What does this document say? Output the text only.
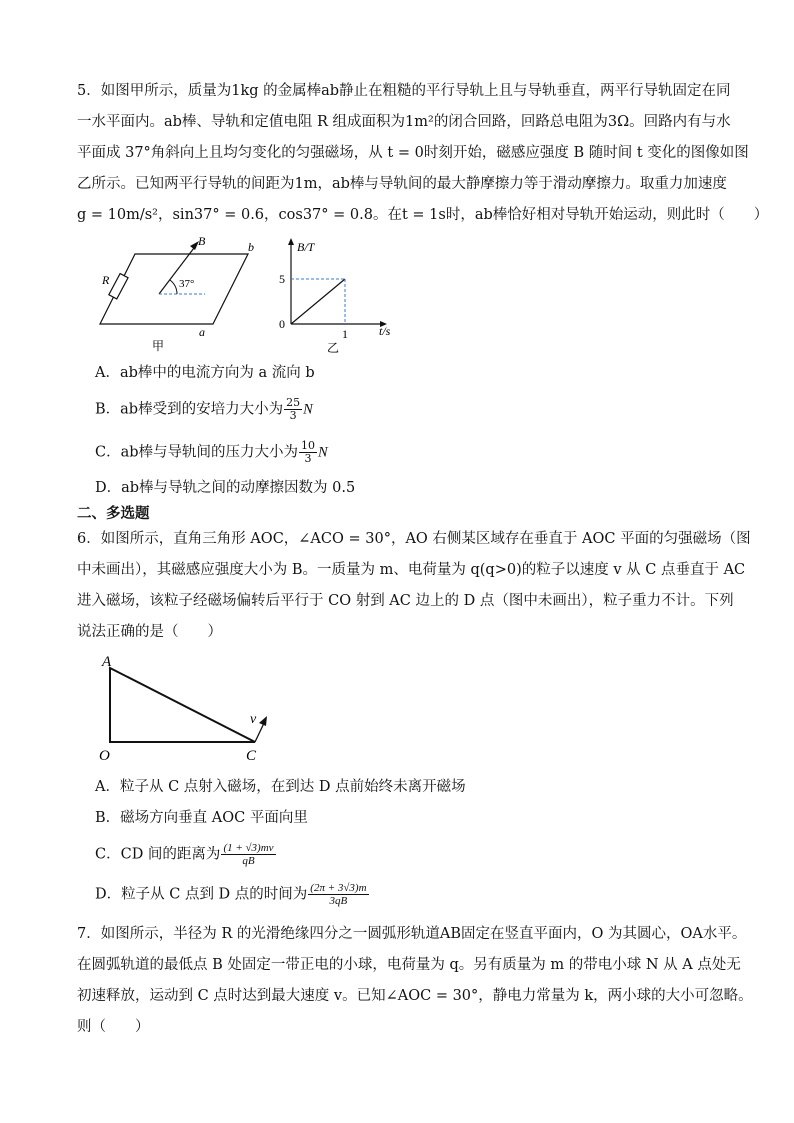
5．如图甲所示，质量为1kg 的金属棒ab静止在粗糙的平行导轨上且与导轨垂直，两平行导轨固定在同
一水平面内。ab棒、导轨和定值电阻 R 组成面积为1m²的闭合回路，回路总电阻为3Ω。回路内有与水
平面成 37°角斜向上且均匀变化的匀强磁场，从 t = 0时刻开始，磁感应强度 B 随时间 t 变化的图像如图
乙所示。已知两平行导轨的间距为1m，ab棒与导轨间的最大静摩擦力等于滑动摩擦力。取重力加速度
g = 10m/s²，sin37° = 0.6，cos37° = 0.8。在t = 1s时，ab棒恰好相对导轨开始运动，则此时（　　）
B	b
R	37°
a
甲
B/T
t/s
5
0
1
乙
A．ab棒中的电流方向为 a 流向 b
B．ab棒受到的安培力大小为 $\frac{25}{3}$ N
C．ab棒与导轨间的压力大小为 $\frac{10}{3}$ N
D．ab棒与导轨之间的动摩擦因数为 0.5
二、多选题
6．如图所示，直角三角形 AOC，∠ACO = 30°，AO 右侧某区域存在垂直于 AOC 平面的匀强磁场（图
中未画出），其磁感应强度大小为 B。一质量为 m、电荷量为 q(q>0)的粒子以速度 v 从 C 点垂直于 AC
进入磁场，该粒子经磁场偏转后平行于 CO 射到 AC 边上的 D 点（图中未画出），粒子重力不计。下列
说法正确的是（　　）
A
O	C
v
A．粒子从 C 点射入磁场，在到达 D 点前始终未离开磁场
B．磁场方向垂直 AOC 平面向里
C．CD 间的距离为 $\frac{(1 + √3)mv}{qB}$
D．粒子从 C 点到 D 点的时间为 $\frac{(2\pi + 3√3)m}{3qB}$
7．如图所示，半径为 R 的光滑绝缘四分之一圆弧形轨道AB固定在竖直平面内，O 为其圆心，OA水平。
在圆弧轨道的最低点 B 处固定一带正电的小球，电荷量为 q。另有质量为 m 的带电小球 N 从 A 点处无
初速释放，运动到 C 点时达到最大速度 v。已知∠AOC = 30°，静电力常量为 k，两小球的大小可忽略。
则（　　）
